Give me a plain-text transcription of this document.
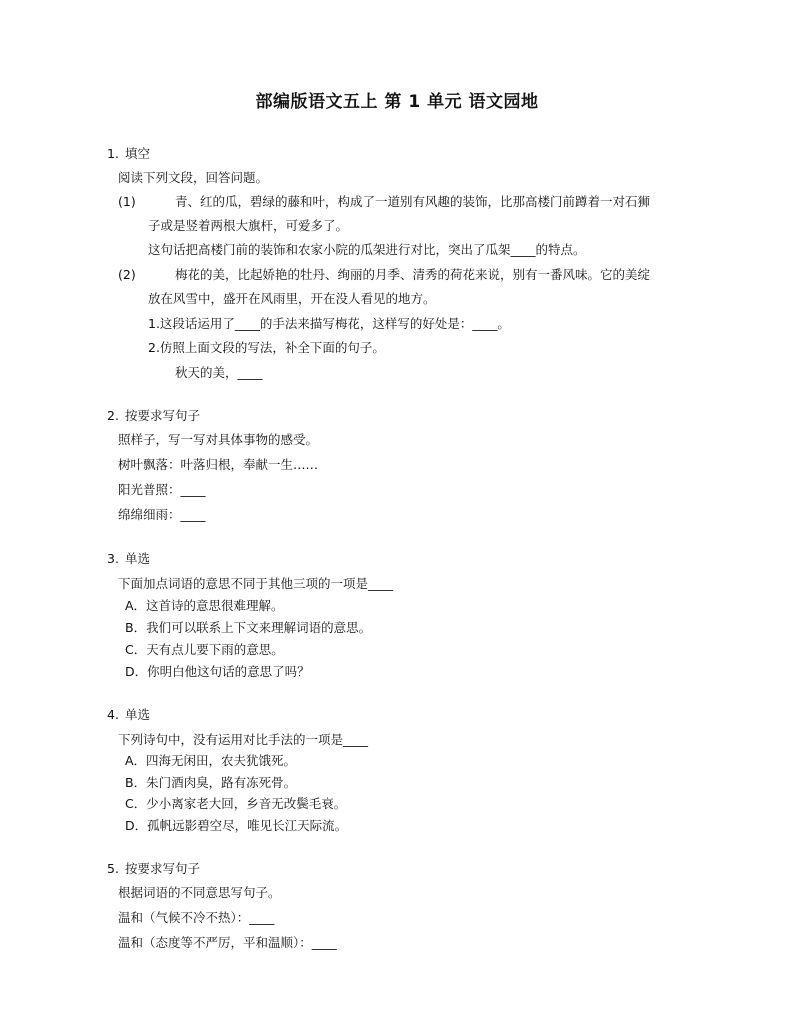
部编版语文五上 第 1 单元 语文园地
1. 填空
阅读下列文段，回答问题。
(1)	青、红的瓜，碧绿的藤和叶，构成了一道别有风趣的装饰，比那高楼门前蹲着一对石狮
子或是竖着两根大旗杆，可爱多了。
这句话把高楼门前的装饰和农家小院的瓜架进行对比，突出了瓜架____的特点。
(2)	梅花的美，比起娇艳的牡丹、绚丽的月季、清秀的荷花来说，别有一番风味。它的美绽
放在风雪中，盛开在风雨里，开在没人看见的地方。
1.这段话运用了____的手法来描写梅花，这样写的好处是：____。
2.仿照上面文段的写法，补全下面的句子。
秋天的美，____
2. 按要求写句子
照样子，写一写对具体事物的感受。
树叶飘落：叶落归根，奉献一生……
阳光普照：____
绵绵细雨：____
3. 单选
下面加点词语的意思不同于其他三项的一项是____
A．这首诗的意思很难理解。
B．我们可以联系上下文来理解词语的意思。
C．天有点儿要下雨的意思。
D．你明白他这句话的意思了吗？
4. 单选
下列诗句中，没有运用对比手法的一项是____
A．四海无闲田，农夫犹饿死。
B．朱门酒肉臭，路有冻死骨。
C．少小离家老大回，乡音无改鬓毛衰。
D．孤帆远影碧空尽，唯见长江天际流。
5. 按要求写句子
根据词语的不同意思写句子。
温和（气候不冷不热）：____
温和（态度等不严厉，平和温顺）：____
